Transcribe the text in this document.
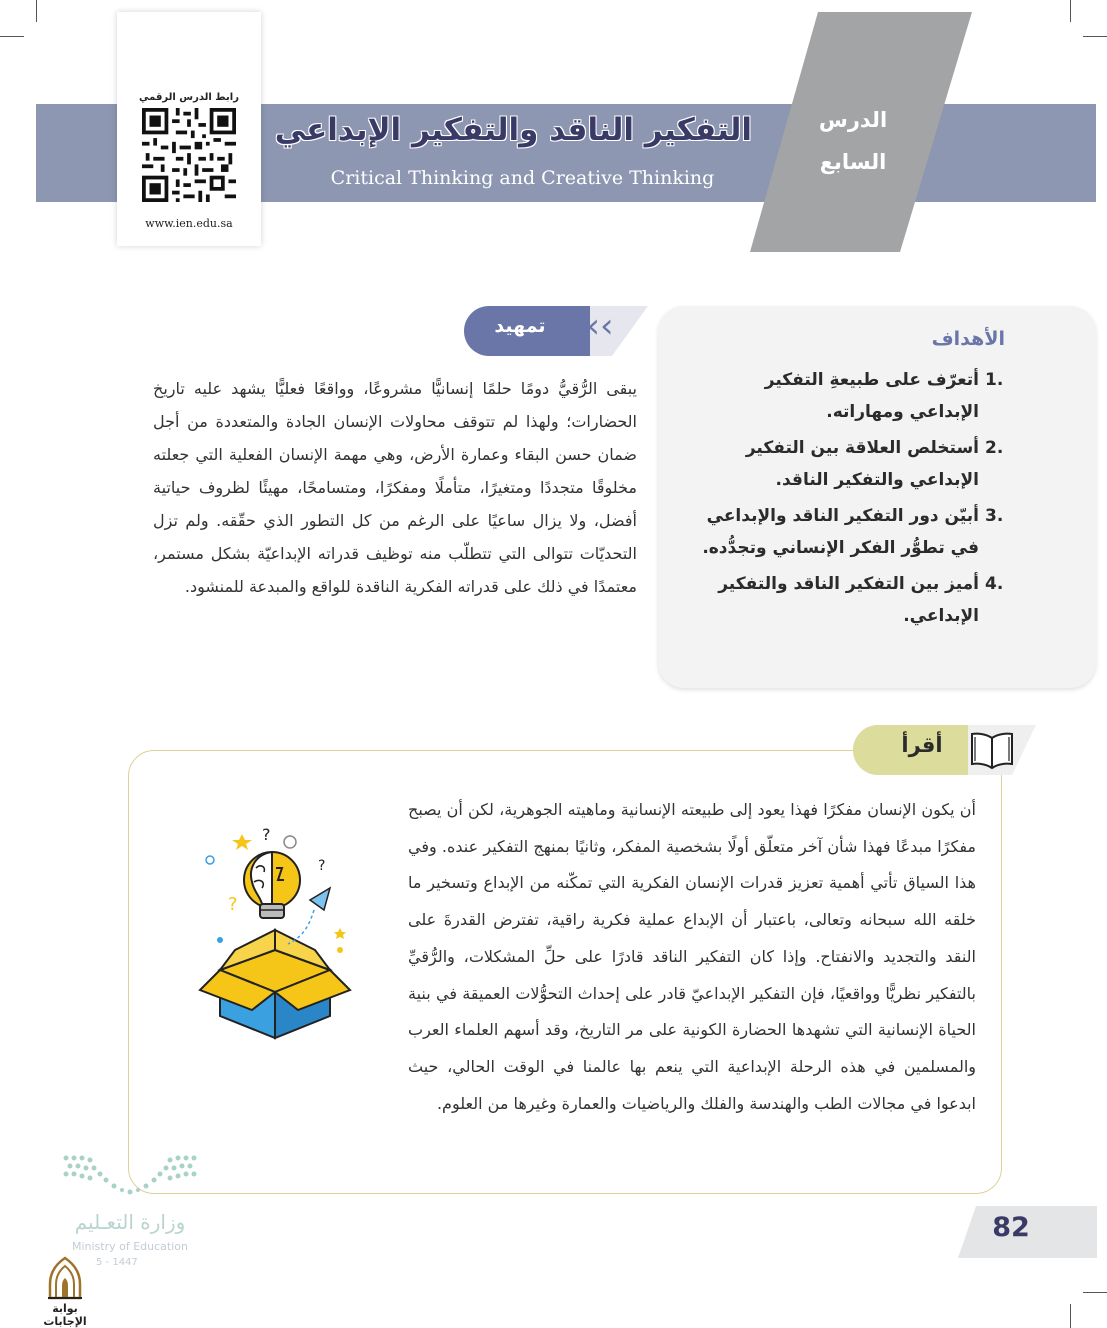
رابط الدرس الرقمي
www.ien.edu.sa
التفكير الناقد والتفكير الإبداعي
Critical Thinking and Creative Thinking
الدرس
السابع
الأهداف
.1
أتعرّف على طبيعةِ التفكير الإبداعي ومهاراته.
.2
أستخلص العلاقة بين التفكير الإبداعي والتفكير الناقد.
.3
أبيّن دور التفكير الناقد والإبداعي في تطوُّر الفكر الإنساني وتجدُّده.
.4
أميز بين التفكير الناقد والتفكير الإبداعي.
تمهيد	‹‹
يبقى الرُّقيُّ دومًا حلمًا إنسانيًّا مشروعًا، وواقعًا فعليًّا يشهد عليه تاريخ الحضارات؛ ولهذا لم تتوقف محاولات الإنسان الجادة والمتعددة من أجل ضمان حسن البقاء وعمارة الأرض، وهي مهمة الإنسان الفعلية التي جعلته مخلوقًا متجددًا ومتغيرًا، متأملًا ومفكرًا، ومتسامحًا، مهيئًا لظروف حياتية أفضل، ولا يزال ساعيًا على الرغم من كل التطور الذي حقّقه. ولم تزل التحديّات تتوالى التي تتطلّب منه توظيف قدراته الإبداعيّة بشكل مستمر، معتمدًا في ذلك على قدراته الفكرية الناقدة للواقع والمبدعة للمنشود.
أقرأ
أن يكون الإنسان مفكرًا فهذا يعود إلى طبيعته الإنسانية وماهيته الجوهرية، لكن أن يصبح مفكرًا مبدعًا فهذا شأن آخر متعلّق أولًا بشخصية المفكر، وثانيًا بمنهج التفكير عنده. وفي هذا السياق تأتي أهمية تعزيز قدرات الإنسان الفكرية التي تمكّنه من الإبداع وتسخير ما خلقه الله سبحانه وتعالى، باعتبار أن الإبداع عملية فكرية راقية، تفترض القدرةَ على النقد والتجديد والانفتاح. وإذا كان التفكير الناقد قادرًا على حلِّ المشكلات، والرُّقيِّ بالتفكير نظريًّا وواقعيًا، فإن التفكير الإبداعيّ قادر على إحداث التحوُّلات العميقة في بنية الحياة الإنسانية التي تشهدها الحضارة الكونية على مر التاريخ، وقد أسهم العلماء العرب والمسلمين في هذه الرحلة الإبداعية التي ينعم بها عالمنا في الوقت الحالي، حيث ابدعوا في مجالات الطب والهندسة والفلك والرياضيات والعمارة وغيرها من العلوم.
?
?
?
وزارة التعـليم
Ministry of Education
5 - 1447
بوابة الإجابات
82
